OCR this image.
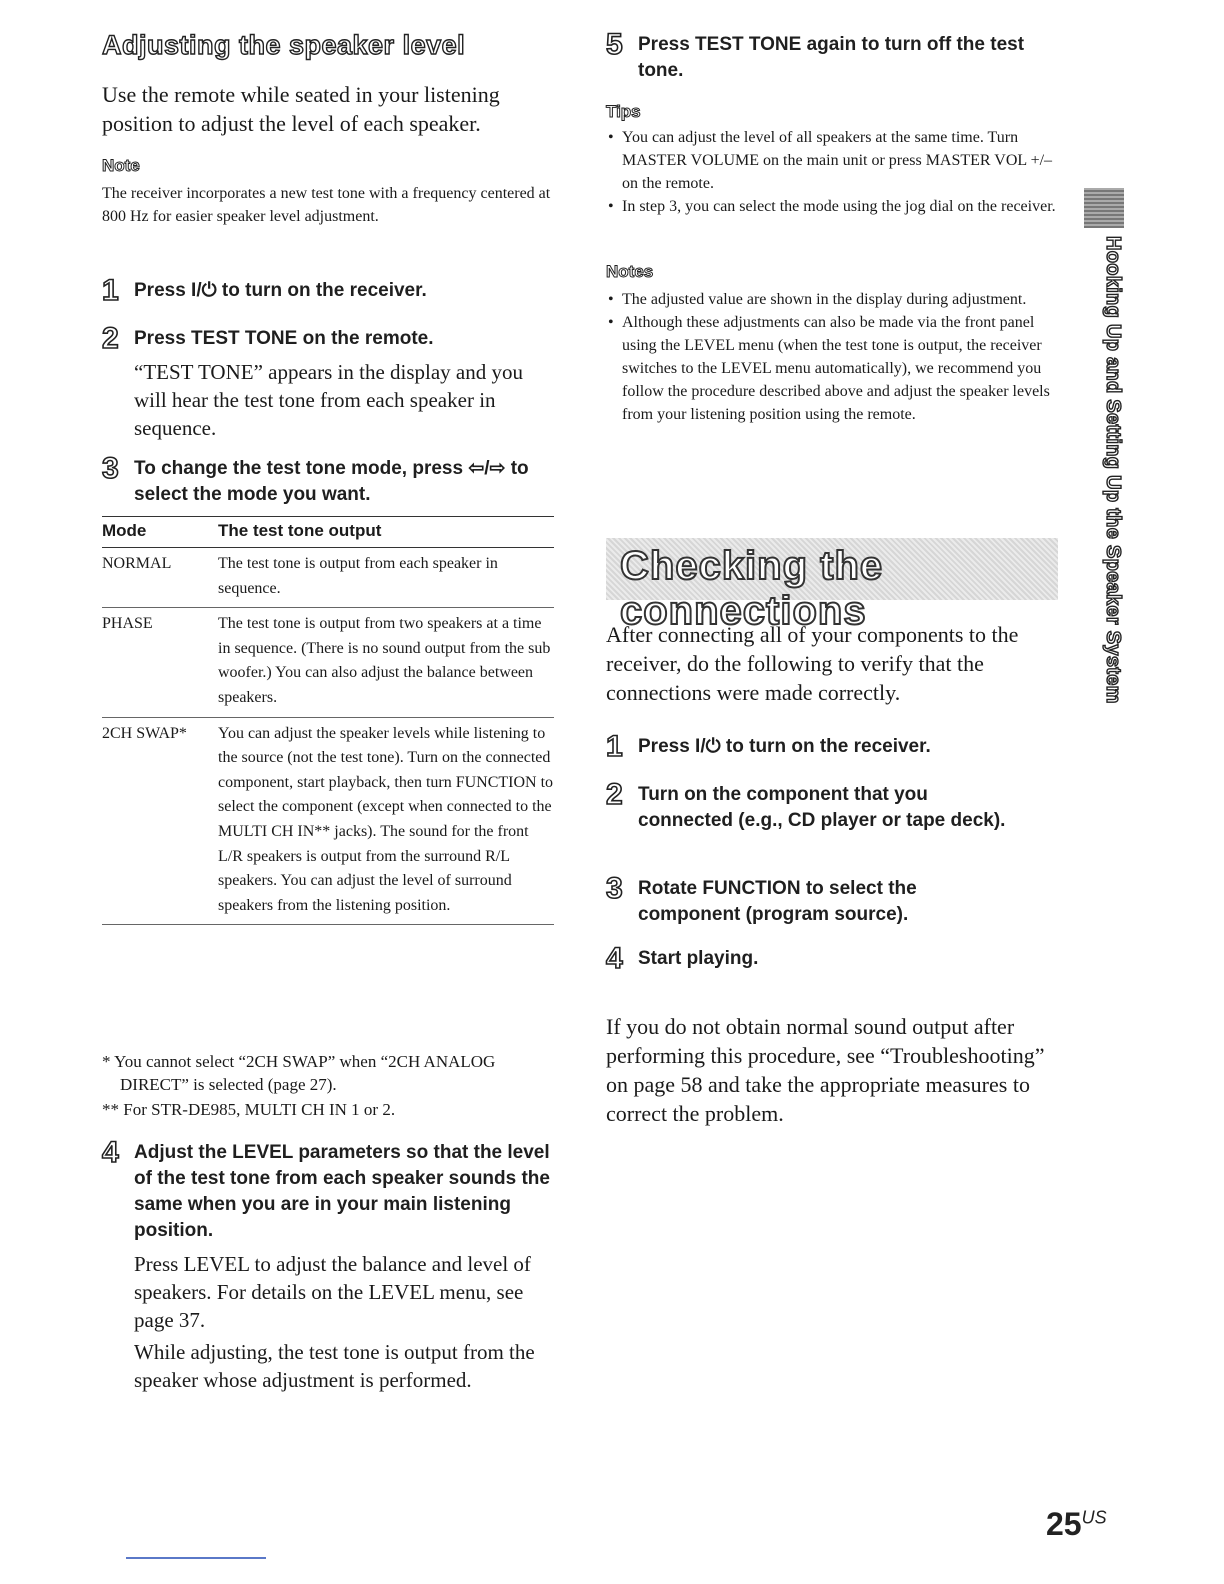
Adjusting the speaker level
Use the remote while seated in your listening position to adjust the level of each speaker.
Note
The receiver incorporates a new test tone with a frequency centered at 800 Hz for easier speaker level adjustment.
1 Press I/⏻ to turn on the receiver.
2 Press TEST TONE on the remote.
“TEST TONE” appears in the display and you will hear the test tone from each speaker in sequence.
3 To change the test tone mode, press ⇦/⇨ to select the mode you want.
Mode	The test tone output
NORMAL	The test tone is output from each speaker in sequence.
PHASE	The test tone is output from two speakers at a time in sequence. (There is no sound output from the sub woofer.) You can also adjust the balance between speakers.
2CH SWAP*	You can adjust the speaker levels while listening to the source (not the test tone). Turn on the connected component, start playback, then turn FUNCTION to select the component (except when connected to the MULTI CH IN** jacks). The sound for the front L/R speakers is output from the surround R/L speakers. You can adjust the level of surround speakers from the listening position.
* You cannot select “2CH SWAP” when “2CH ANALOG DIRECT” is selected (page 27).
** For STR-DE985, MULTI CH IN 1 or 2.
4 Adjust the LEVEL parameters so that the level of the test tone from each speaker sounds the same when you are in your main listening position.
Press LEVEL to adjust the balance and level of speakers. For details on the LEVEL menu, see page 37.
While adjusting, the test tone is output from the speaker whose adjustment is performed.
5 Press TEST TONE again to turn off the test tone.
Tips
• You can adjust the level of all speakers at the same time. Turn MASTER VOLUME on the main unit or press MASTER VOL +/– on the remote.
• In step 3, you can select the mode using the jog dial on the receiver.
Notes
• The adjusted value are shown in the display during adjustment.
• Although these adjustments can also be made via the front panel using the LEVEL menu (when the test tone is output, the receiver switches to the LEVEL menu automatically), we recommend you follow the procedure described above and adjust the speaker levels from your listening position using the remote.
Checking the connections
After connecting all of your components to the receiver, do the following to verify that the connections were made correctly.
1 Press I/⏻ to turn on the receiver.
2 Turn on the component that you connected (e.g., CD player or tape deck).
3 Rotate FUNCTION to select the component (program source).
4 Start playing.
If you do not obtain normal sound output after performing this procedure, see “Troubleshooting” on page 58 and take the appropriate measures to correct the problem.
Hooking Up and Setting Up the Speaker System
$25^{US}$
